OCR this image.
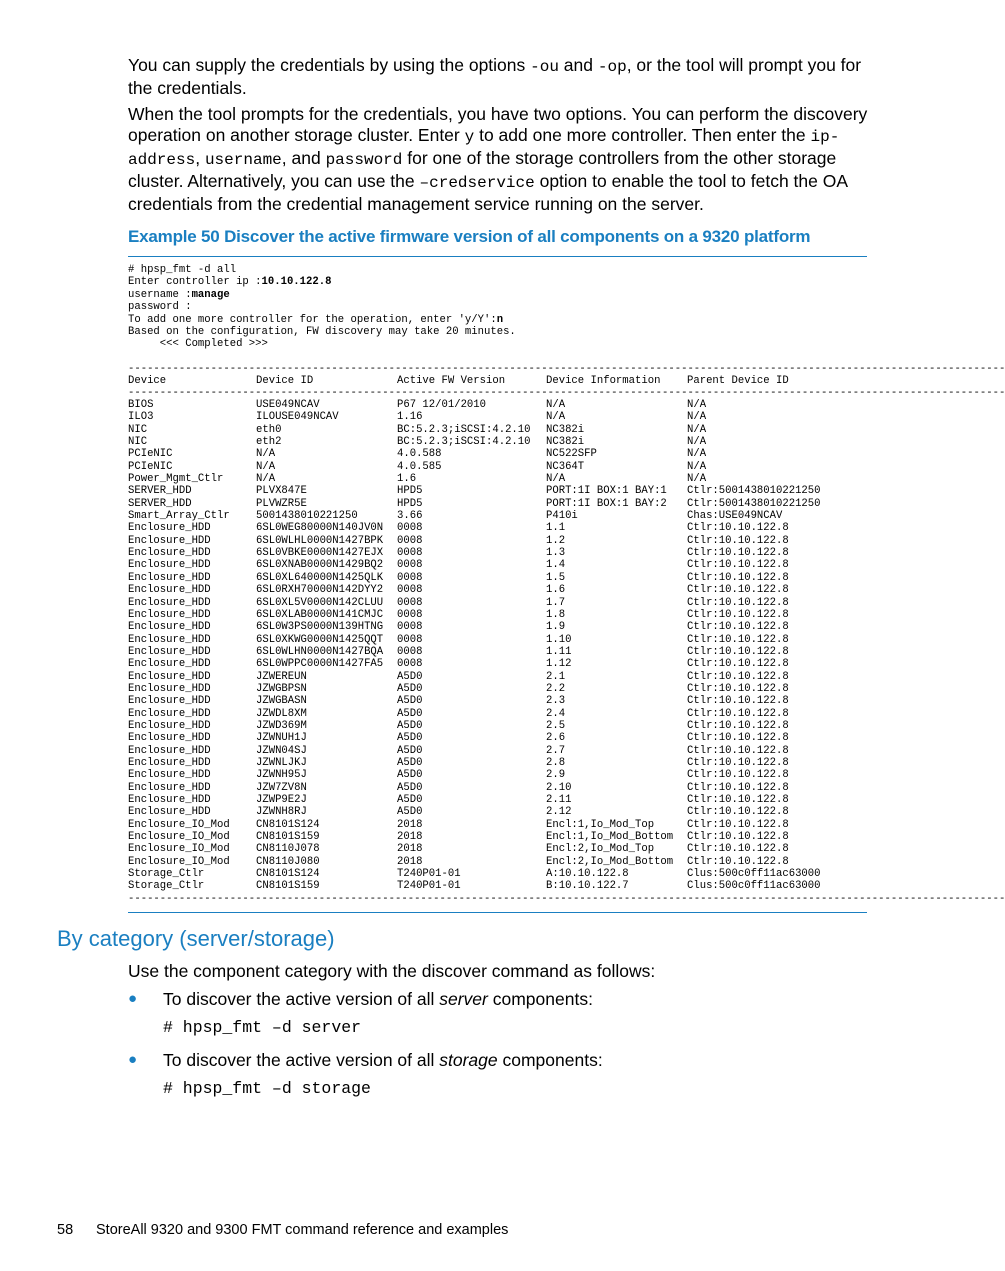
You can supply the credentials by using the options -ou and -op, or the tool will prompt you for the credentials.
When the tool prompts for the credentials, you have two options. You can perform the discovery operation on another storage cluster. Enter y to add one more controller. Then enter the ip-address, username, and password for one of the storage controllers from the other storage cluster. Alternatively, you can use the –credservice option to enable the tool to fetch the OA credentials from the credential management service running on the server.
Example 50 Discover the active firmware version of all components on a 9320 platform
# hpsp_fmt -d all
Enter controller ip :10.10.122.8
username :manage
password :
To add one more controller for the operation, enter 'y/Y':n
Based on the configuration, FW discovery may take 20 minutes.
<<< Completed >>>
------------------------------------------------------------------------------------------------------------------------------------------
Device	Device ID	Active FW Version	Device Information	Parent Device ID
------------------------------------------------------------------------------------------------------------------------------------------
BIOS	USE049NCAV	P67 12/01/2010	N/A	N/A
ILO3	ILOUSE049NCAV	1.16	N/A	N/A
NIC	eth0	BC:5.2.3;iSCSI:4.2.10	NC382i	N/A
NIC	eth2	BC:5.2.3;iSCSI:4.2.10	NC382i	N/A
PCIeNIC	N/A	4.0.588	NC522SFP	N/A
PCIeNIC	N/A	4.0.585	NC364T	N/A
Power_Mgmt_Ctlr	N/A	1.6	N/A	N/A
SERVER_HDD	PLVX847E	HPD5	PORT:1I BOX:1 BAY:1	Ctlr:5001438010221250
SERVER_HDD	PLVWZR5E	HPD5	PORT:1I BOX:1 BAY:2	Ctlr:5001438010221250
Smart_Array_Ctlr	5001438010221250	3.66	P410i	Chas:USE049NCAV
Enclosure_HDD	6SL0WEG80000N140JV0N	0008	1.1	Ctlr:10.10.122.8
Enclosure_HDD	6SL0WLHL0000N1427BPK	0008	1.2	Ctlr:10.10.122.8
Enclosure_HDD	6SL0VBKE0000N1427EJX	0008	1.3	Ctlr:10.10.122.8
Enclosure_HDD	6SL0XNAB0000N1429BQ2	0008	1.4	Ctlr:10.10.122.8
Enclosure_HDD	6SL0XL640000N1425QLK	0008	1.5	Ctlr:10.10.122.8
Enclosure_HDD	6SL0RXH70000N142DYY2	0008	1.6	Ctlr:10.10.122.8
Enclosure_HDD	6SL0XL5V0000N142CLUU	0008	1.7	Ctlr:10.10.122.8
Enclosure_HDD	6SL0XLAB0000N141CMJC	0008	1.8	Ctlr:10.10.122.8
Enclosure_HDD	6SL0W3PS0000N139HTNG	0008	1.9	Ctlr:10.10.122.8
Enclosure_HDD	6SL0XKWG0000N1425QQT	0008	1.10	Ctlr:10.10.122.8
Enclosure_HDD	6SL0WLHN0000N1427BQA	0008	1.11	Ctlr:10.10.122.8
Enclosure_HDD	6SL0WPPC0000N1427FA5	0008	1.12	Ctlr:10.10.122.8
Enclosure_HDD	JZWEREUN	A5D0	2.1	Ctlr:10.10.122.8
Enclosure_HDD	JZWGBPSN	A5D0	2.2	Ctlr:10.10.122.8
Enclosure_HDD	JZWGBASN	A5D0	2.3	Ctlr:10.10.122.8
Enclosure_HDD	JZWDL8XM	A5D0	2.4	Ctlr:10.10.122.8
Enclosure_HDD	JZWD369M	A5D0	2.5	Ctlr:10.10.122.8
Enclosure_HDD	JZWNUH1J	A5D0	2.6	Ctlr:10.10.122.8
Enclosure_HDD	JZWN04SJ	A5D0	2.7	Ctlr:10.10.122.8
Enclosure_HDD	JZWNLJKJ	A5D0	2.8	Ctlr:10.10.122.8
Enclosure_HDD	JZWNH95J	A5D0	2.9	Ctlr:10.10.122.8
Enclosure_HDD	JZW7ZV8N	A5D0	2.10	Ctlr:10.10.122.8
Enclosure_HDD	JZWP9E2J	A5D0	2.11	Ctlr:10.10.122.8
Enclosure_HDD	JZWNH8RJ	A5D0	2.12	Ctlr:10.10.122.8
Enclosure_IO_Mod	CN8101S124	2018	Encl:1,Io_Mod_Top	Ctlr:10.10.122.8
Enclosure_IO_Mod	CN8101S159	2018	Encl:1,Io_Mod_Bottom	Ctlr:10.10.122.8
Enclosure_IO_Mod	CN8110J078	2018	Encl:2,Io_Mod_Top	Ctlr:10.10.122.8
Enclosure_IO_Mod	CN8110J080	2018	Encl:2,Io_Mod_Bottom	Ctlr:10.10.122.8
Storage_Ctlr	CN8101S124	T240P01-01	A:10.10.122.8	Clus:500c0ff11ac63000
Storage_Ctlr	CN8101S159	T240P01-01	B:10.10.122.7	Clus:500c0ff11ac63000
------------------------------------------------------------------------------------------------------------------------------------------
By category (server/storage)
Use the component category with the discover command as follows:
● To discover the active version of all server components:
# hpsp_fmt –d server
● To discover the active version of all storage components:
# hpsp_fmt –d storage
58 StoreAll 9320 and 9300 FMT command reference and examples
